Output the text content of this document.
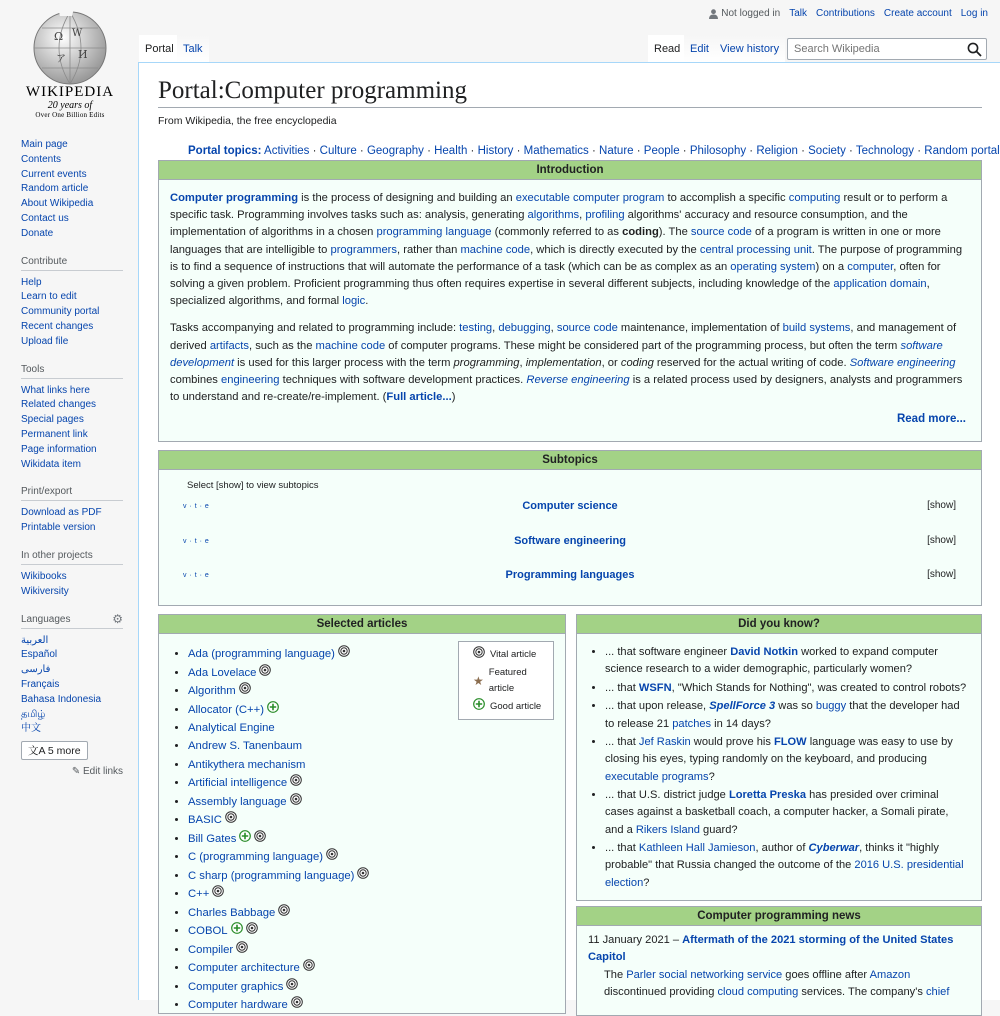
Ω W
И
ア
WIKIPEDIA
20 years of
Over One Billion Edits
Not logged in Talk Contributions Create account Log in
Portal Talk	Read Edit	View history
Search Wikipedia
Main page
Contents
Current events
Random article
About Wikipedia
Contact us
Donate
Contribute
Help
Learn to edit
Community portal
Recent changes
Upload file
Tools
What links here
Related changes
Special pages
Permanent link
Page information
Wikidata item
Print/export
Download as PDF
Printable version
In other projects
Wikibooks
Wikiversity
Languages	⚙
العربية
Español
فارسی
Français
Bahasa Indonesia
தமிழ்
中文
文A 5 more
✎ Edit links
Portal:Computer programming
From Wikipedia, the free encyclopedia
Portal topics: Activities · Culture · Geography · Health · History · Mathematics · Nature · People · Philosophy · Religion · Society · Technology · Random portal
Introduction

Computer programming is the process of designing and building an executable computer program to accomplish a specific computing result or to perform a specific task. Programming involves tasks such as: analysis, generating algorithms, profiling algorithms' accuracy and resource consumption, and the implementation of algorithms in a chosen programming language (commonly referred to as coding). The source code of a program is written in one or more languages that are intelligible to programmers, rather than machine code, which is directly executed by the central processing unit. The purpose of programming is to find a sequence of instructions that will automate the performance of a task (which can be as complex as an operating system) on a computer, often for solving a given problem. Proficient programming thus often requires expertise in several different subjects, including knowledge of the application domain, specialized algorithms, and formal logic.

Tasks accompanying and related to programming include: testing, debugging, source code maintenance, implementation of build systems, and management of derived artifacts, such as the machine code of computer programs. These might be considered part of the programming process, but often the term software development is used for this larger process with the term programming, implementation, or coding reserved for the actual writing of code. Software engineering combines engineering techniques with software development practices. Reverse engineering is a related process used by designers, analysts and programmers to understand and re-create/re-implement. (Full article...)

Read more...
Subtopics
Select [show] to view subtopics
v · t · e	Computer science	[show]
v · t · e	Software engineering	[show]
v · t · e	Programming languages	[show]
Selected articles
• Ada (programming language)
• Ada Lovelace
• Algorithm
• Allocator (C++)
• Analytical Engine
• Andrew S. Tanenbaum
• Antikythera mechanism
• Artificial intelligence
• Assembly language
• BASIC
• Bill Gates
• C (programming language)
• C sharp (programming language)
• C++
• Charles Babbage
• COBOL
• Compiler
• Computer architecture
• Computer graphics
• Computer hardware
Vital article
★
Featured article
Good article
Did you know?
• ... that software engineer David Notkin worked to expand computer science research to a wider demographic, particularly women?
• ... that WSFN, "Which Stands for Nothing", was created to control robots?
• ... that upon release, SpellForce 3 was so buggy that the developer had to release 21 patches in 14 days?
• ... that Jef Raskin would prove his FLOW language was easy to use by closing his eyes, typing randomly on the keyboard, and producing executable programs?
• ... that U.S. district judge Loretta Preska has presided over criminal cases against a basketball coach, a computer hacker, a Somali pirate, and a Rikers Island guard?
• ... that Kathleen Hall Jamieson, author of Cyberwar, thinks it "highly probable" that Russia changed the outcome of the 2016 U.S. presidential election?
Computer programming news
11 January 2021 – Aftermath of the 2021 storming of the United States Capitol
The Parler social networking service goes offline after Amazon discontinued providing cloud computing services. The company's chief
